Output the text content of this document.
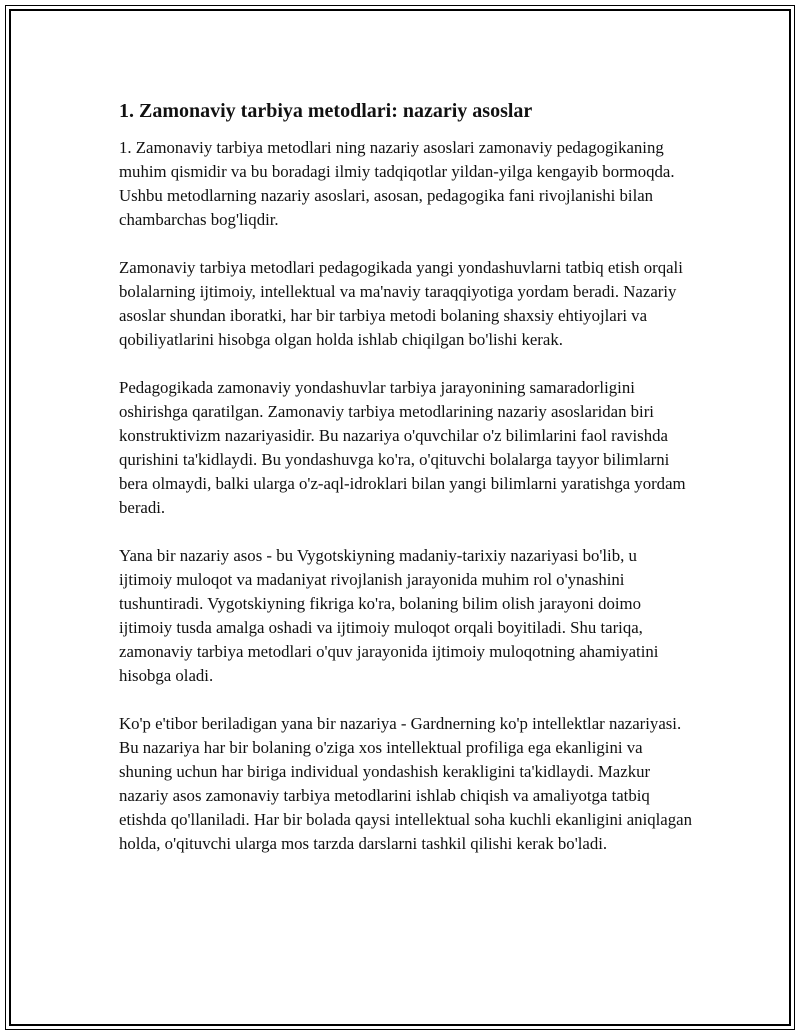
1. Zamonaviy tarbiya metodlari: nazariy asoslar

1. Zamonaviy tarbiya metodlari ning nazariy asoslari zamonaviy pedagogikaning muhim qismidir va bu boradagi ilmiy tadqiqotlar yildan-yilga kengayib bormoqda. Ushbu metodlarning nazariy asoslari, asosan, pedagogika fani rivojlanishi bilan chambarchas bog'liqdir.

Zamonaviy tarbiya metodlari pedagogikada yangi yondashuvlarni tatbiq etish orqali bolalarning ijtimoiy, intellektual va ma'naviy taraqqiyotiga yordam beradi. Nazariy asoslar shundan iboratki, har bir tarbiya metodi bolaning shaxsiy ehtiyojlari va qobiliyatlarini hisobga olgan holda ishlab chiqilgan bo'lishi kerak.

Pedagogikada zamonaviy yondashuvlar tarbiya jarayonining samaradorligini oshirishga qaratilgan. Zamonaviy tarbiya metodlarining nazariy asoslaridan biri konstruktivizm nazariyasidir. Bu nazariya o'quvchilar o'z bilimlarini faol ravishda qurishini ta'kidlaydi. Bu yondashuvga ko'ra, o'qituvchi bolalarga tayyor bilimlarni bera olmaydi, balki ularga o'z-aql-idroklari bilan yangi bilimlarni yaratishga yordam beradi.

Yana bir nazariy asos - bu Vygotskiyning madaniy-tarixiy nazariyasi bo'lib, u ijtimoiy muloqot va madaniyat rivojlanish jarayonida muhim rol o'ynashini tushuntiradi. Vygotskiyning fikriga ko'ra, bolaning bilim olish jarayoni doimo ijtimoiy tusda amalga oshadi va ijtimoiy muloqot orqali boyitiladi. Shu tariqa, zamonaviy tarbiya metodlari o'quv jarayonida ijtimoiy muloqotning ahamiyatini hisobga oladi.

Ko'p e'tibor beriladigan yana bir nazariya - Gardnerning ko'p intellektlar nazariyasi. Bu nazariya har bir bolaning o'ziga xos intellektual profiliga ega ekanligini va shuning uchun har biriga individual yondashish kerakligini ta'kidlaydi. Mazkur nazariy asos zamonaviy tarbiya metodlarini ishlab chiqish va amaliyotga tatbiq etishda qo'llaniladi. Har bir bolada qaysi intellektual soha kuchli ekanligini aniqlagan holda, o'qituvchi ularga mos tarzda darslarni tashkil qilishi kerak bo'ladi.
